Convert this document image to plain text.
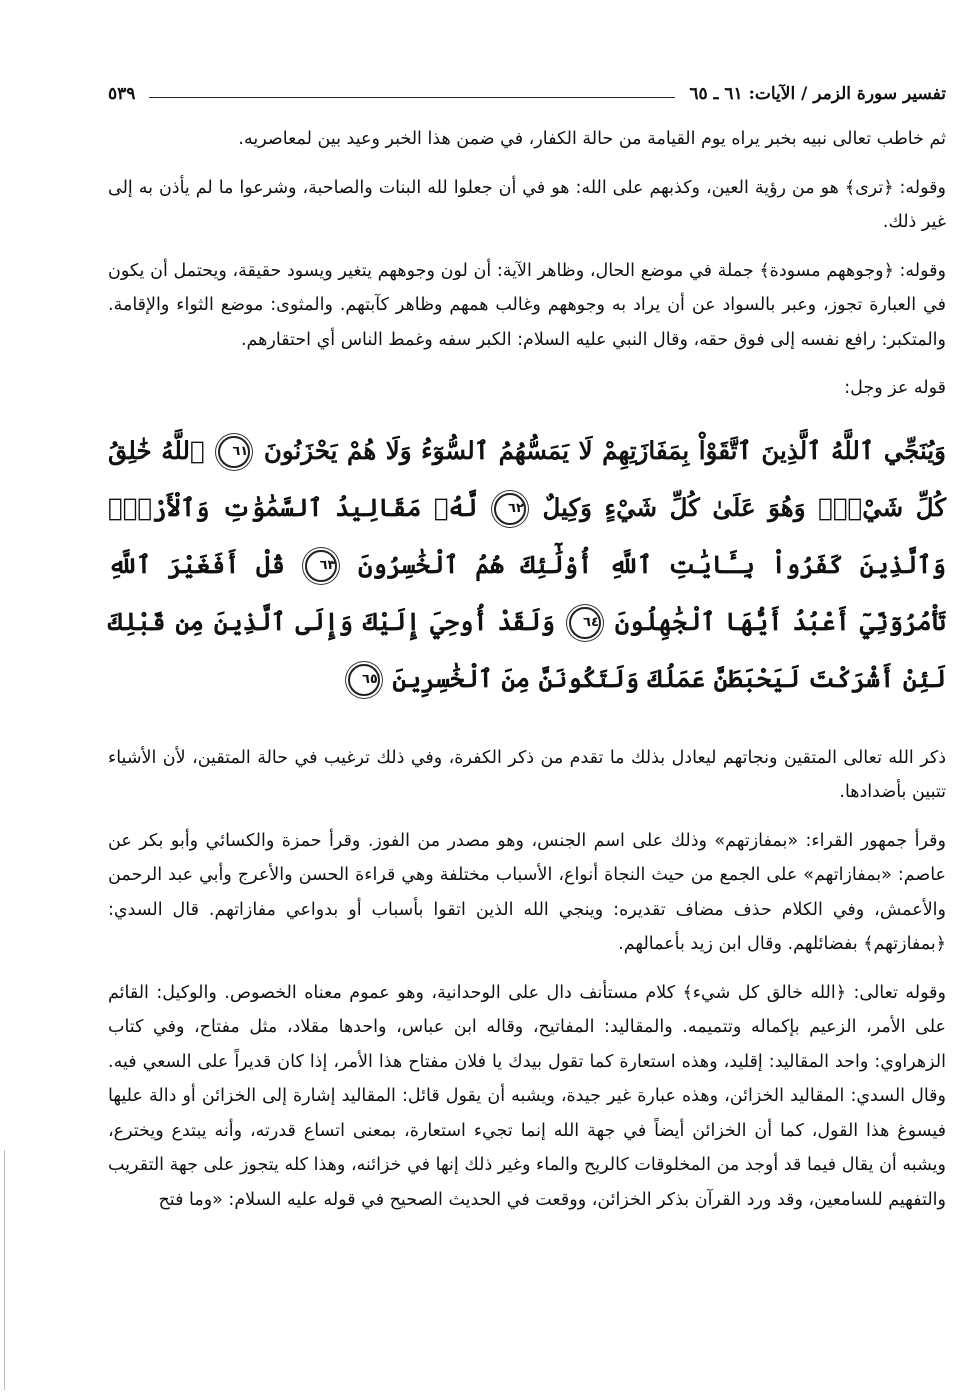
تفسير سورة الزمر / الآيات: ٦١ ـ ٦٥
٥٣٩

ثم خاطب تعالى نبيه بخبر يراه يوم القيامة من حالة الكفار، في ضمن هذا الخبر وعيد بين لمعاصريه.

وقوله: ﴿ترى﴾ هو من رؤية العين، وكذبهم على الله: هو في أن جعلوا لله البنات والصاحبة، وشرعوا ما لم يأذن به إلى غير ذلك.

وقوله: ﴿وجوههم مسودة﴾ جملة في موضع الحال، وظاهر الآية: أن لون وجوههم يتغير ويسود حقيقة، ويحتمل أن يكون في العبارة تجوز، وعبر بالسواد عن أن يراد به وجوههم وغالب همهم وظاهر كآبتهم. والمثوى: موضع الثواء والإقامة. والمتكبر: رافع نفسه إلى فوق حقه، وقال النبي عليه السلام: الكبر سفه وغمط الناس أي احتقارهم.

قوله عز وجل:

وَيُنَجِّي ٱللَّهُ ٱلَّذِينَ ٱتَّقَوْاْ بِمَفَازَتِهِمْ لَا يَمَسُّهُمُ ٱلسُّوٓءُ وَلَا هُمْ يَحْزَنُونَ ٦١ ٱللَّهُ خَٰلِقُ كُلِّ شَيْءٍۖ وَهُوَ عَلَىٰ كُلِّ شَيْءٍ وَكِيلٌ ٦٢ لَّهُۥ مَقَالِيدُ ٱلسَّمَٰوَٰتِ وَٱلْأَرْضِۗ وَٱلَّذِينَ كَفَرُواْ بِـَٔايَٰتِ ٱللَّهِ أُوْلَٰٓئِكَ هُمُ ٱلْخَٰسِرُونَ ٦٣ قُلْ أَفَغَيْرَ ٱللَّهِ تَأْمُرُوٓنِّيٓ أَعْبُدُ أَيُّهَا ٱلْجَٰهِلُونَ ٦٤ وَلَقَدْ أُوحِيَ إِلَيْكَ وَإِلَى ٱلَّذِينَ مِن قَبْلِكَ لَئِنْ أَشْرَكْتَ لَيَحْبَطَنَّ عَمَلُكَ وَلَتَكُونَنَّ مِنَ ٱلْخَٰسِرِينَ ٦٥

ذكر الله تعالى المتقين ونجاتهم ليعادل بذلك ما تقدم من ذكر الكفرة، وفي ذلك ترغيب في حالة المتقين، لأن الأشياء تتبين بأضدادها.

وقرأ جمهور القراء: «بمفازتهم» وذلك على اسم الجنس، وهو مصدر من الفوز. وقرأ حمزة والكسائي وأبو بكر عن عاصم: «بمفازاتهم» على الجمع من حيث النجاة أنواع، الأسباب مختلفة وهي قراءة الحسن والأعرج وأبي عبد الرحمن والأعمش، وفي الكلام حذف مضاف تقديره: وينجي الله الذين اتقوا بأسباب أو بدواعي مفازاتهم. قال السدي: ﴿بمفازتهم﴾ بفضائلهم. وقال ابن زيد بأعمالهم.

وقوله تعالى: ﴿الله خالق كل شيء﴾ كلام مستأنف دال على الوحدانية، وهو عموم معناه الخصوص. والوكيل: القائم على الأمر، الزعيم بإكماله وتتميمه. والمقاليد: المفاتيح، وقاله ابن عباس، واحدها مقلاد، مثل مفتاح، وفي كتاب الزهراوي: واحد المقاليد: إقليد، وهذه استعارة كما تقول بيدك يا فلان مفتاح هذا الأمر، إذا كان قديراً على السعي فيه. وقال السدي: المقاليد الخزائن، وهذه عبارة غير جيدة، ويشبه أن يقول قائل: المقاليد إشارة إلى الخزائن أو دالة عليها فيسوغ هذا القول، كما أن الخزائن أيضاً في جهة الله إنما تجيء استعارة، بمعنى اتساع قدرته، وأنه يبتدع ويخترع، ويشبه أن يقال فيما قد أوجد من المخلوقات كالريح والماء وغير ذلك إنها في خزائنه، وهذا كله يتجوز على جهة التقريب والتفهيم للسامعين، وقد ورد القرآن بذكر الخزائن، ووقعت في الحديث الصحيح في قوله عليه السلام: «وما فتح
